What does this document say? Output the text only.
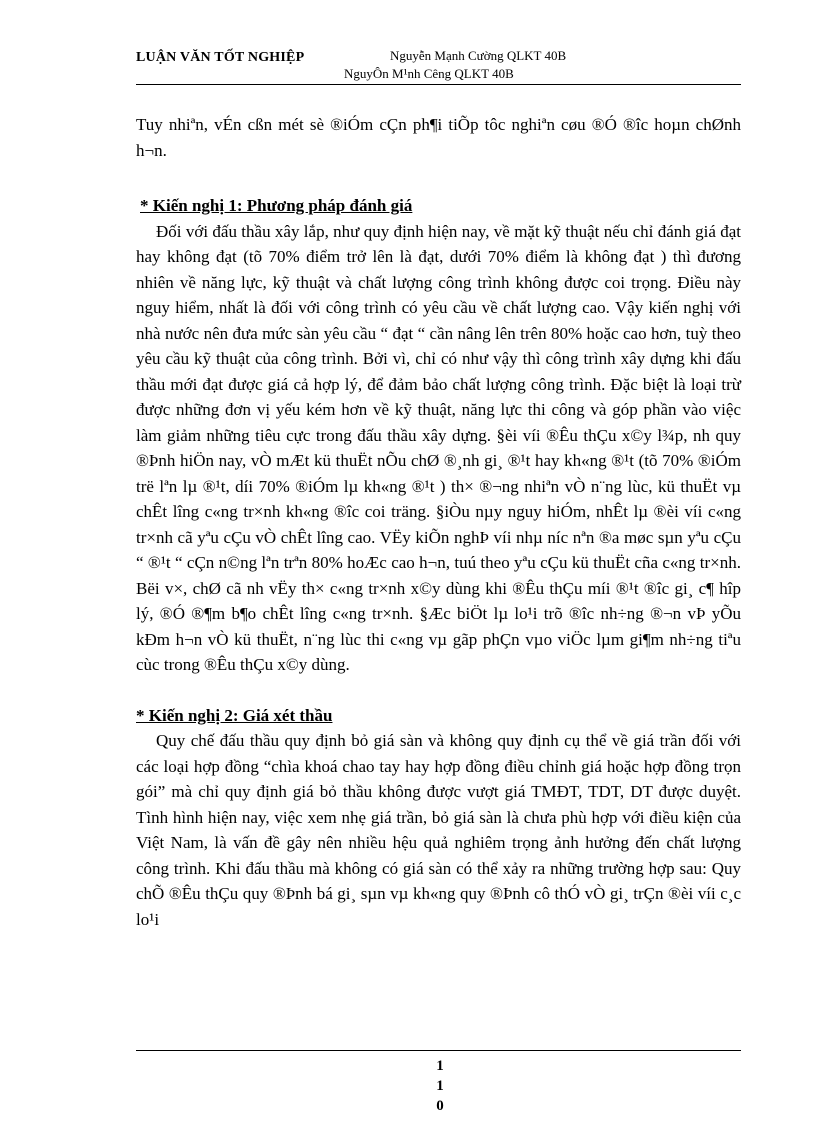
LUẬN VĂN TỐT NGHIỆP	Nguyễn Mạnh Cường QLKT 40B
NguyÔn M¹nh Cêng QLKT 40B

Tuy nhiªn, vÉn cßn mét sè ®iÓm cÇn ph¶i tiÕp tôc nghiªn cøu ®Ó ®îc hoµn chØnh h¬n.

* Kiến nghị 1: Phương pháp đánh giá

Đối với đấu thầu xây lắp, như quy định hiện nay, về mặt kỹ thuật nếu chỉ đánh giá đạt hay không đạt (tõ 70% điểm trở lên là đạt, dưới 70% điểm là không đạt ) thì đương nhiên về năng lực, kỹ thuật và chất lượng công trình không được coi trọng. Điều này nguy hiểm, nhất là đối với công trình có yêu cầu về chất lượng cao. Vậy kiến nghị với nhà nước nên đưa mức sàn yêu cầu “ đạt “ cần nâng lên trên 80% hoặc cao hơn, tuỳ theo yêu cầu kỹ thuật của công trình. Bởi vì, chỉ có như vậy thì công trình xây dựng khi đấu thầu mới đạt được giá cả hợp lý, để đảm bảo chất lượng công trình. Đặc biệt là loại trừ được những đơn vị yếu kém hơn về kỹ thuật, năng lực thi công và góp phần vào việc làm giảm những tiêu cực trong đấu thầu xây dựng. §èi víi ®Êu thÇu x©y l¾p, nh quy ®Þnh hiÖn nay, vÒ mÆt kü thuËt nÕu chØ ®¸nh gi¸ ®¹t hay kh«ng ®¹t (tõ 70% ®iÓm trë lªn lµ ®¹t, díi 70% ®iÓm lµ kh«ng ®¹t ) th× ®¬ng nhiªn vÒ n¨ng lùc, kü thuËt vµ chÊt lîng c«ng tr×nh kh«ng ®îc coi träng. §iÒu nµy nguy hiÓm, nhÊt lµ ®èi víi c«ng tr×nh cã yªu cÇu vÒ chÊt lîng cao. VËy kiÕn nghÞ víi nhµ níc nªn ®a møc sµn yªu cÇu “ ®¹t “ cÇn n©ng lªn trªn 80% hoÆc cao h¬n, tuú theo yªu cÇu kü thuËt cña c«ng tr×nh. Bëi v×, chØ cã nh vËy th× c«ng tr×nh x©y dùng khi ®Êu thÇu míi ®¹t ®îc gi¸ c¶ hîp lý, ®Ó ®¶m b¶o chÊt lîng c«ng tr×nh. §Æc biÖt lµ lo¹i trõ ®îc nh÷ng ®¬n vÞ yÕu kÐm h¬n vÒ kü thuËt, n¨ng lùc thi c«ng vµ gãp phÇn vµo viÖc lµm gi¶m nh÷ng tiªu cùc trong ®Êu thÇu x©y dùng.

* Kiến nghị 2: Giá xét thầu

Quy chế đấu thầu quy định bỏ giá sàn và không quy định cụ thể về giá trần đối với các loại hợp đồng “chìa khoá chao tay hay hợp đồng điều chỉnh giá hoặc hợp đồng trọn gói” mà chỉ quy định giá bỏ thầu không được vượt giá TMĐT, TDT, DT được duyệt. Tình hình hiện nay, việc xem nhẹ giá trần, bỏ giá sàn là chưa phù hợp với điều kiện của Việt Nam, là vấn đề gây nên nhiều hệu quả nghiêm trọng ảnh hưởng đến chất lượng công trình. Khi đấu thầu mà không có giá sàn có thể xảy ra những trường hợp sau: Quy chÕ ®Êu thÇu quy ®Þnh bá gi¸ sµn vµ kh«ng quy ®Þnh cô thÓ vÒ gi¸ trÇn ®èi víi c¸c lo¹i

1
1
0
